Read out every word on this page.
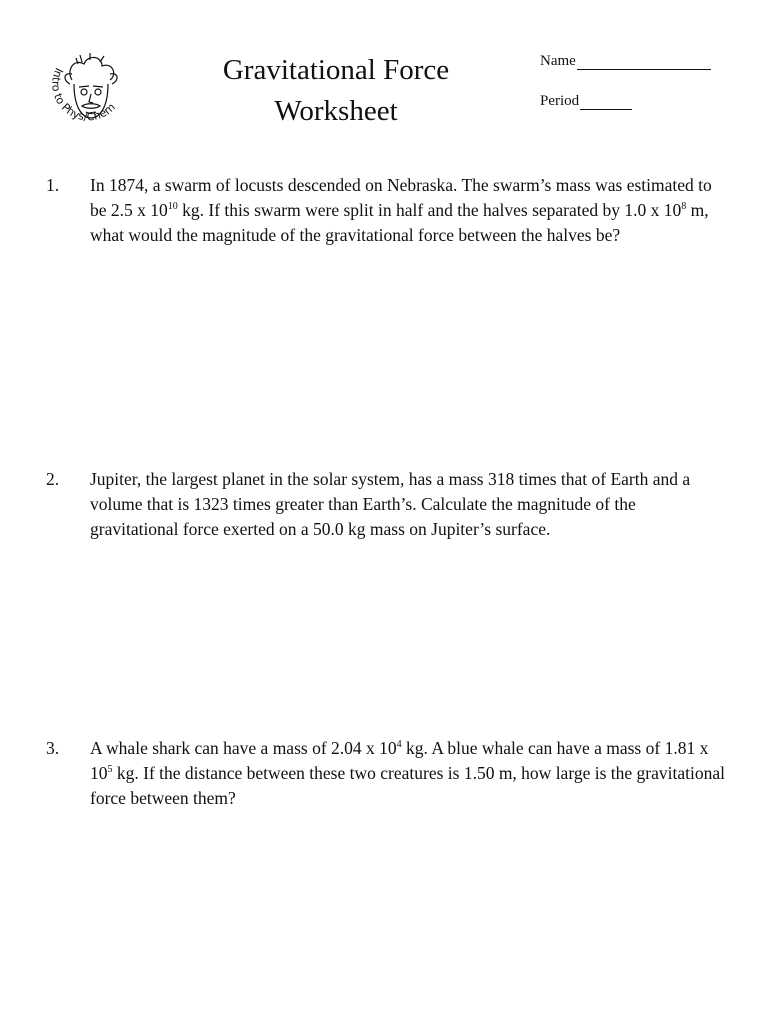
Intro to Phys/Chem
Gravitational Force
Worksheet
Name
Period
1. In 1874, a swarm of locusts descended on Nebraska. The swarm’s mass was estimated to be 2.5 x $10^{10}$ kg. If this swarm were split in half and the halves separated by 1.0 x $10^8$ m, what would the magnitude of the gravitational force between the halves be?
2. Jupiter, the largest planet in the solar system, has a mass 318 times that of Earth and a volume that is 1323 times greater than Earth’s. Calculate the magnitude of the gravitational force exerted on a 50.0 kg mass on Jupiter’s surface.
3. A whale shark can have a mass of 2.04 x $10^4$ kg. A blue whale can have a mass of 1.81 x $10^5$ kg. If the distance between these two creatures is 1.50 m, how large is the gravitational force between them?
